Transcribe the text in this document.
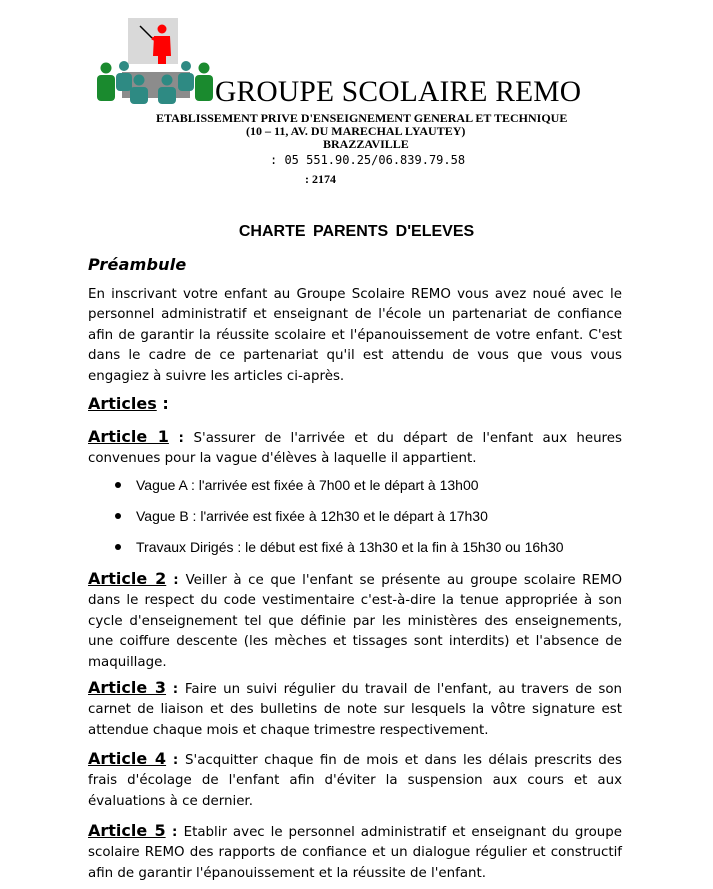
GROUPE SCOLAIRE REMO
ETABLISSEMENT PRIVE D'ENSEIGNEMENT GENERAL ET TECHNIQUE
(10 – 11, AV. DU MARECHAL LYAUTEY)
BRAZZAVILLE
: 05 551.90.25/06.839.79.58
: 2174
CHARTE PARENTS D'ELEVES
Préambule
En inscrivant votre enfant au Groupe Scolaire REMO vous avez noué avec le personnel administratif et enseignant de l'école un partenariat de confiance afin de garantir la réussite scolaire et l'épanouissement de votre enfant. C'est dans le cadre de ce partenariat qu'il est attendu de vous que vous vous engagiez à suivre les articles ci-après.
Articles :
Article 1 : S'assurer de l'arrivée et du départ de l'enfant aux heures convenues pour la vague d'élèves à laquelle il appartient.
Vague A : l'arrivée est fixée à 7h00 et le départ à 13h00
Vague B : l'arrivée est fixée à 12h30 et le départ à 17h30
Travaux Dirigés : le début est fixé à 13h30 et la fin à 15h30 ou 16h30
Article 2 : Veiller à ce que l'enfant se présente au groupe scolaire REMO dans le respect du code vestimentaire c'est-à-dire la tenue appropriée à son cycle d'enseignement tel que définie par les ministères des enseignements, une coiffure descente (les mèches et tissages sont interdits) et l'absence de maquillage.
Article 3 : Faire un suivi régulier du travail de l'enfant, au travers de son carnet de liaison et des bulletins de note sur lesquels la vôtre signature est attendue chaque mois et chaque trimestre respectivement.
Article 4 : S'acquitter chaque fin de mois et dans les délais prescrits des frais d'écolage de l'enfant afin d'éviter la suspension aux cours et aux évaluations à ce dernier.
Article 5 : Etablir avec le personnel administratif et enseignant du groupe scolaire REMO des rapports de confiance et un dialogue régulier et constructif afin de garantir l'épanouissement et la réussite de l'enfant.
